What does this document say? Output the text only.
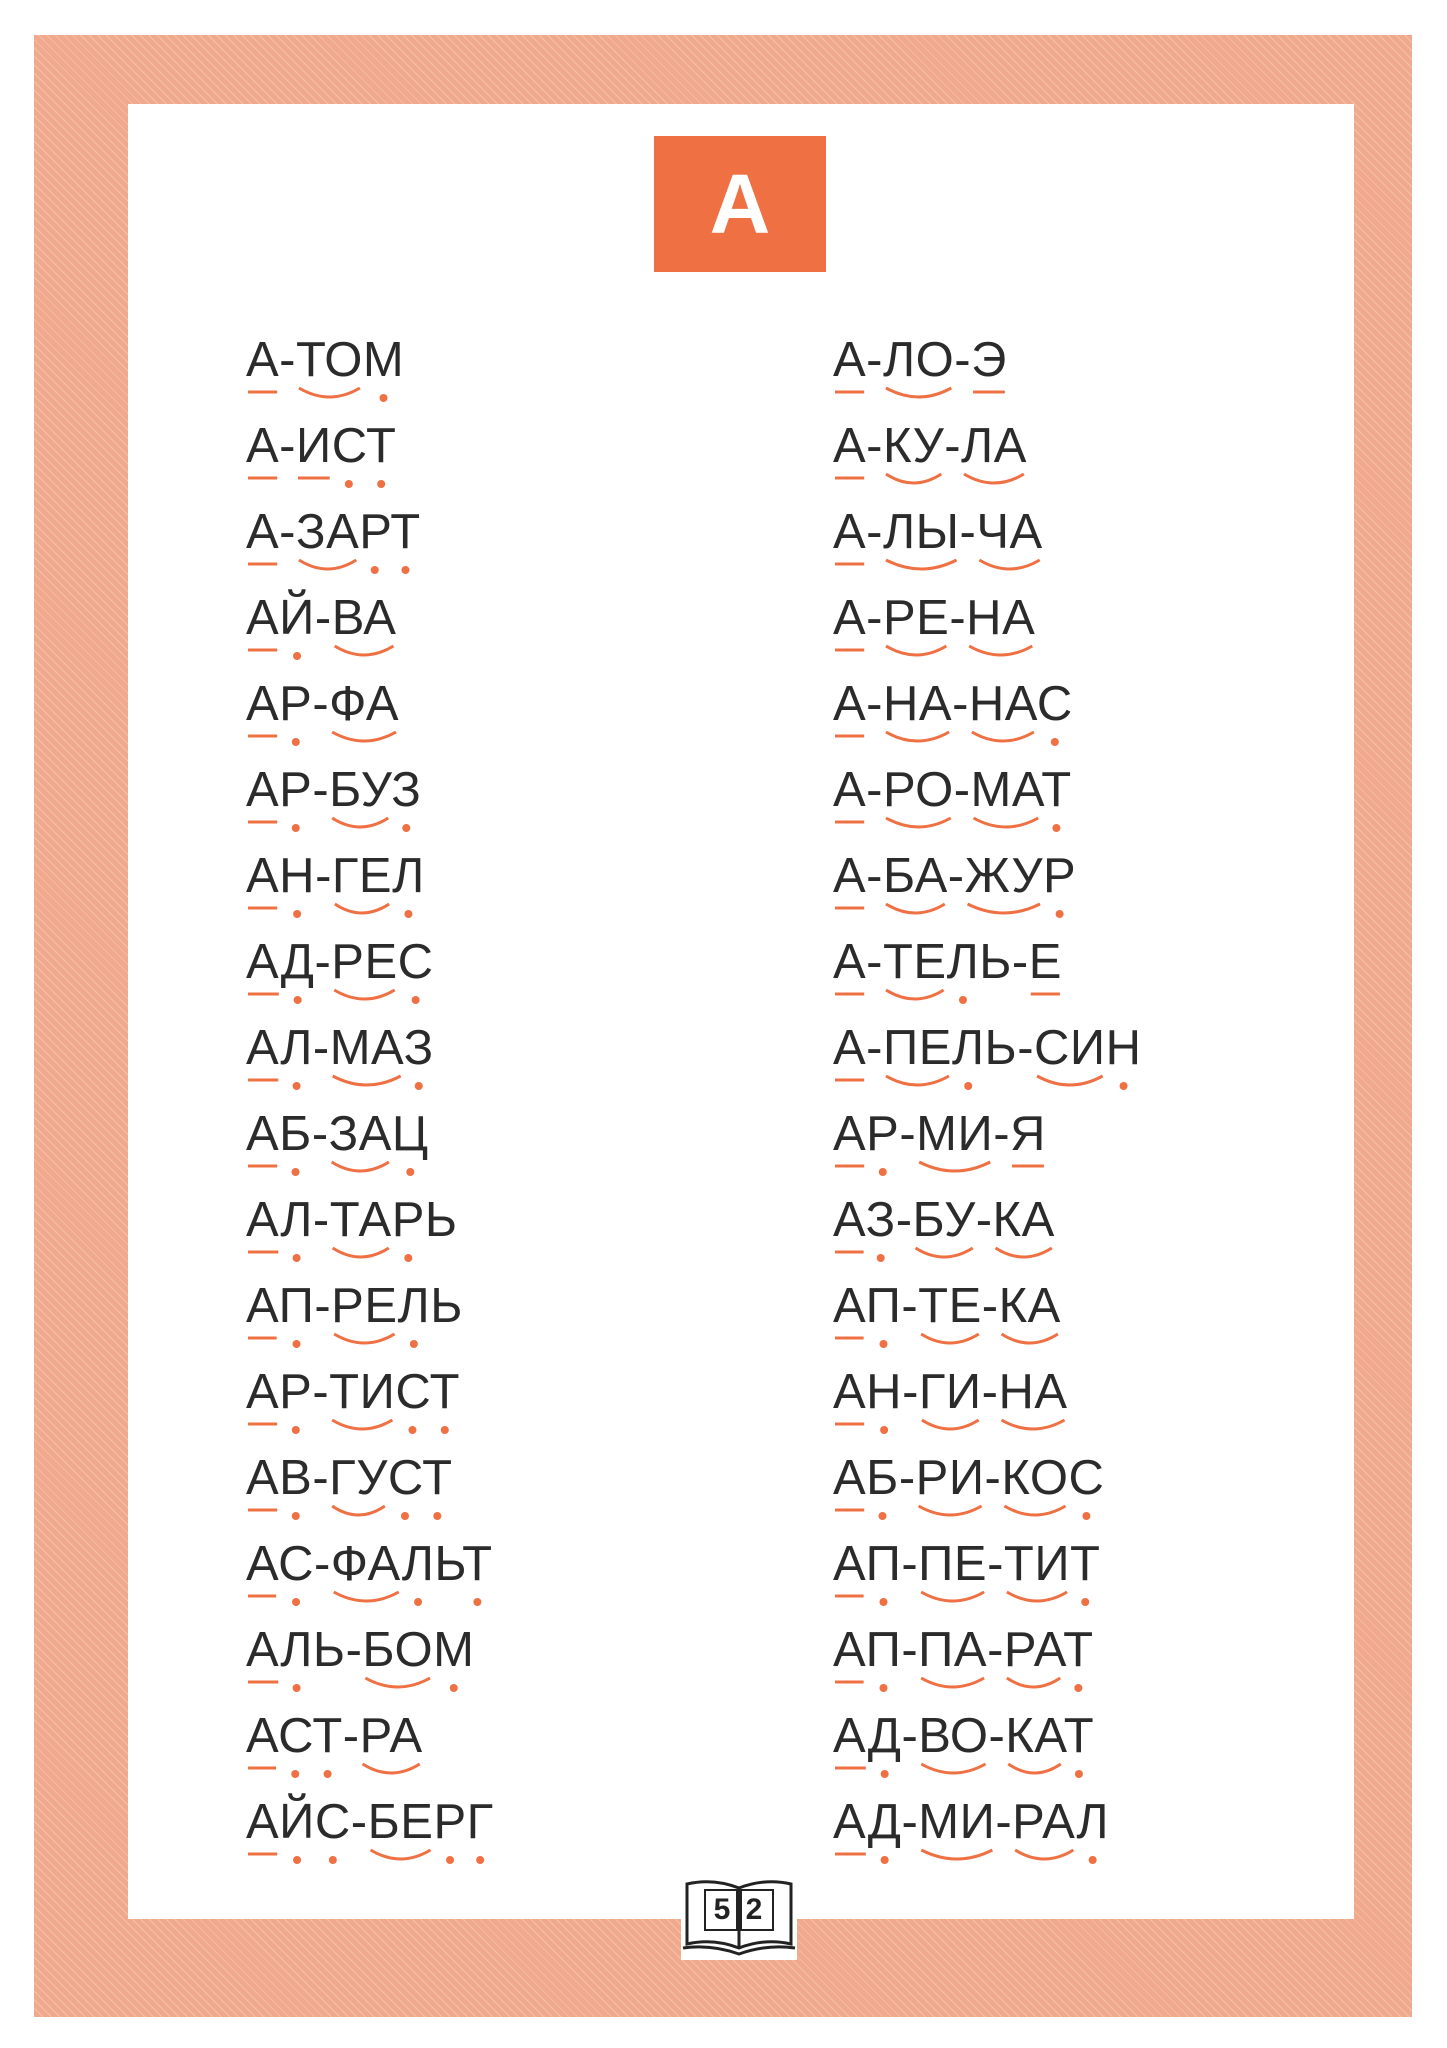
А
А-ТОМ
А-ИСТ
А-ЗАРТ
АЙ-ВА
АР-ФА
АР-БУЗ
АН-ГЕЛ
АД-РЕС
АЛ-МАЗ
АБ-ЗАЦ
АЛ-ТАРЬ
АП-РЕЛЬ
АР-ТИСТ
АВ-ГУСТ
АС-ФАЛЬТ
АЛЬ-БОМ
АСТ-РА
АЙС-БЕРГ
А-ЛО-Э
А-КУ-ЛА
А-ЛЫ-ЧА
А-РЕ-НА
А-НА-НАС
А-РО-МАТ
А-БА-ЖУР
А-ТЕЛЬ-Е
А-ПЕЛЬ-СИН
АР-МИ-Я
АЗ-БУ-КА
АП-ТЕ-КА
АН-ГИ-НА
АБ-РИ-КОС
АП-ПЕ-ТИТ
АП-ПА-РАТ
АД-ВО-КАТ
АД-МИ-РАЛ
5 2
